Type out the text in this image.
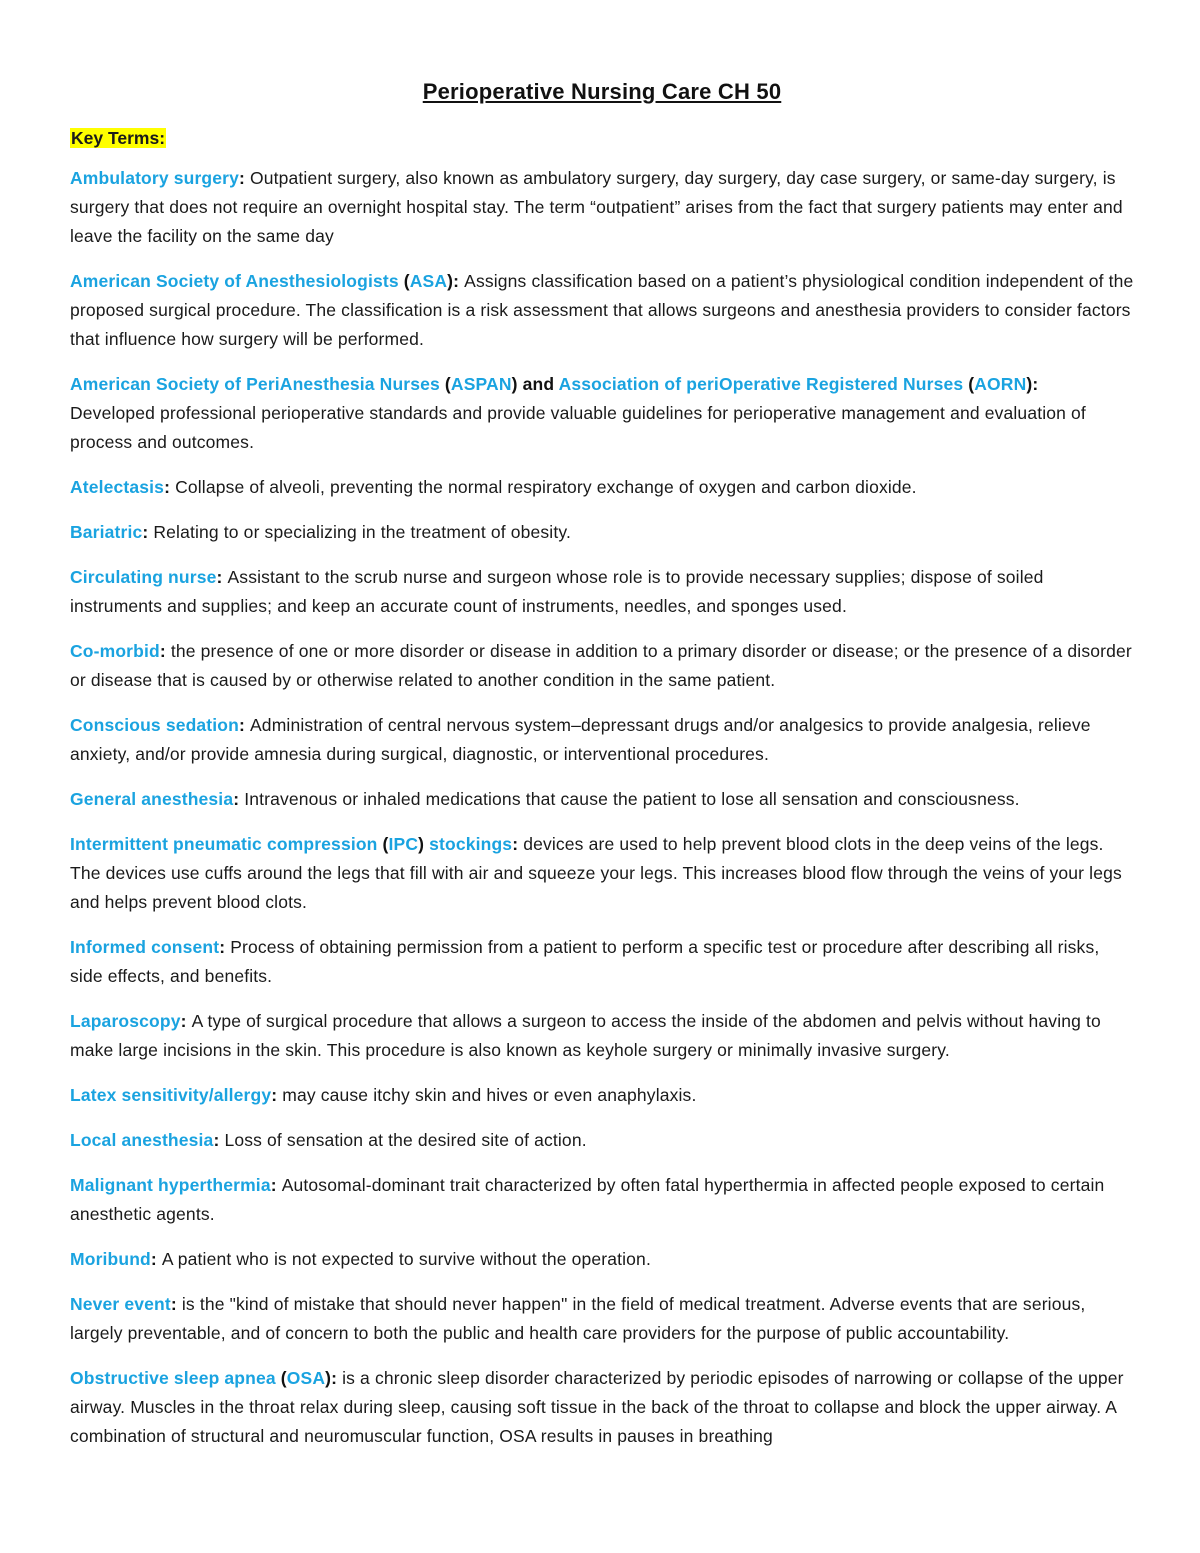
Perioperative Nursing Care CH 50
Key Terms:

Ambulatory surgery: Outpatient surgery, also known as ambulatory surgery, day surgery, day case surgery, or same-day surgery, is surgery that does not require an overnight hospital stay. The term “outpatient” arises from the fact that surgery patients may enter and leave the facility on the same day

American Society of Anesthesiologists (ASA): Assigns classification based on a patient’s physiological condition independent of the proposed surgical procedure. The classification is a risk assessment that allows surgeons and anesthesia providers to consider factors that influence how surgery will be performed.

American Society of PeriAnesthesia Nurses (ASPAN) and Association of periOperative Registered Nurses (AORN):
Developed professional perioperative standards and provide valuable guidelines for perioperative management and evaluation of process and outcomes.

Atelectasis: Collapse of alveoli, preventing the normal respiratory exchange of oxygen and carbon dioxide.

Bariatric: Relating to or specializing in the treatment of obesity.

Circulating nurse: Assistant to the scrub nurse and surgeon whose role is to provide necessary supplies; dispose of soiled instruments and supplies; and keep an accurate count of instruments, needles, and sponges used.

Co-morbid: the presence of one or more disorder or disease in addition to a primary disorder or disease; or the presence of a disorder or disease that is caused by or otherwise related to another condition in the same patient.

Conscious sedation: Administration of central nervous system–depressant drugs and/or analgesics to provide analgesia, relieve anxiety, and/or provide amnesia during surgical, diagnostic, or interventional procedures.

General anesthesia: Intravenous or inhaled medications that cause the patient to lose all sensation and consciousness.

Intermittent pneumatic compression (IPC) stockings: devices are used to help prevent blood clots in the deep veins of the legs. The devices use cuffs around the legs that fill with air and squeeze your legs. This increases blood flow through the veins of your legs and helps prevent blood clots.

Informed consent: Process of obtaining permission from a patient to perform a specific test or procedure after describing all risks, side effects, and benefits.

Laparoscopy: A type of surgical procedure that allows a surgeon to access the inside of the abdomen and pelvis without having to make large incisions in the skin. This procedure is also known as keyhole surgery or minimally invasive surgery.

Latex sensitivity/allergy: may cause itchy skin and hives or even anaphylaxis.

Local anesthesia: Loss of sensation at the desired site of action.

Malignant hyperthermia: Autosomal-dominant trait characterized by often fatal hyperthermia in affected people exposed to certain anesthetic agents.

Moribund: A patient who is not expected to survive without the operation.

Never event: is the "kind of mistake that should never happen" in the field of medical treatment. Adverse events that are serious, largely preventable, and of concern to both the public and health care providers for the purpose of public accountability.

Obstructive sleep apnea (OSA): is a chronic sleep disorder characterized by periodic episodes of narrowing or collapse of the upper airway. Muscles in the throat relax during sleep, causing soft tissue in the back of the throat to collapse and block the upper airway. A combination of structural and neuromuscular function, OSA results in pauses in breathing
